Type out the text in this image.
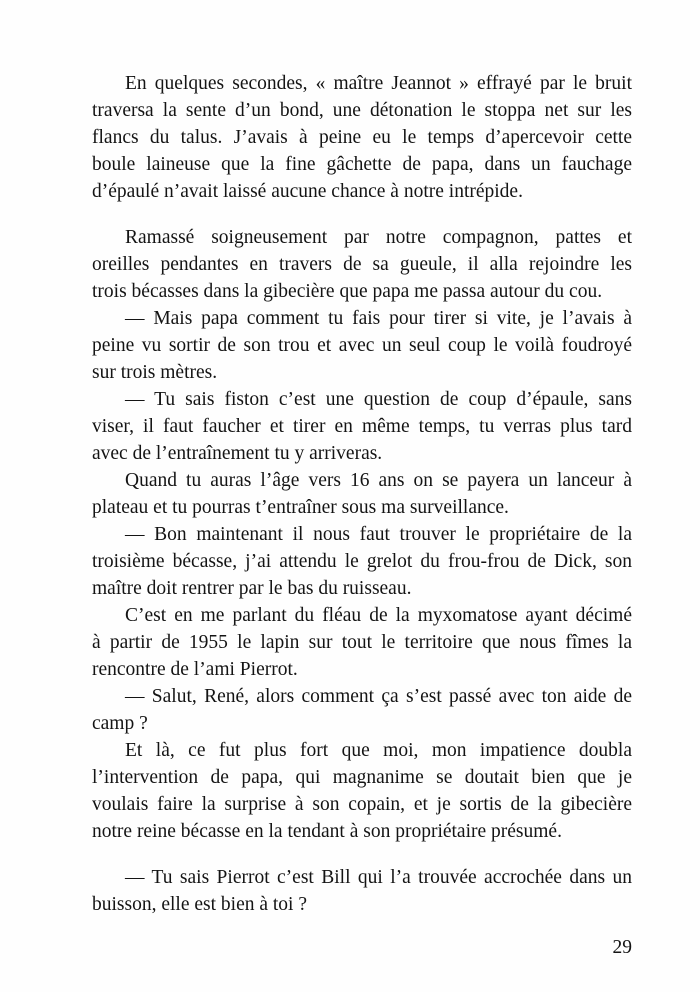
En quelques secondes, « maître Jeannot » effrayé par le bruit
traversa la sente d’un bond, une détonation le stoppa net sur les
flancs du talus. J’avais à peine eu le temps d’apercevoir cette
boule laineuse que la fine gâchette de papa, dans un fauchage
d’épaulé n’avait laissé aucune chance à notre intrépide.
Ramassé soigneusement par notre compagnon, pattes et
oreilles pendantes en travers de sa gueule, il alla rejoindre les
trois bécasses dans la gibecière que papa me passa autour du cou.
— Mais papa comment tu fais pour tirer si vite, je l’avais à
peine vu sortir de son trou et avec un seul coup le voilà foudroyé
sur trois mètres.
— Tu sais fiston c’est une question de coup d’épaule, sans
viser, il faut faucher et tirer en même temps, tu verras plus tard
avec de l’entraînement tu y arriveras.
Quand tu auras l’âge vers 16 ans on se payera un lanceur à
plateau et tu pourras t’entraîner sous ma surveillance.
— Bon maintenant il nous faut trouver le propriétaire de la
troisième bécasse, j’ai attendu le grelot du frou-frou de Dick, son
maître doit rentrer par le bas du ruisseau.
C’est en me parlant du fléau de la myxomatose ayant décimé
à partir de 1955 le lapin sur tout le territoire que nous fîmes la
rencontre de l’ami Pierrot.
— Salut, René, alors comment ça s’est passé avec ton aide de
camp ?
Et là, ce fut plus fort que moi, mon impatience doubla
l’intervention de papa, qui magnanime se doutait bien que je
voulais faire la surprise à son copain, et je sortis de la gibecière
notre reine bécasse en la tendant à son propriétaire présumé.
— Tu sais Pierrot c’est Bill qui l’a trouvée accrochée dans un
buisson, elle est bien à toi ?
29
